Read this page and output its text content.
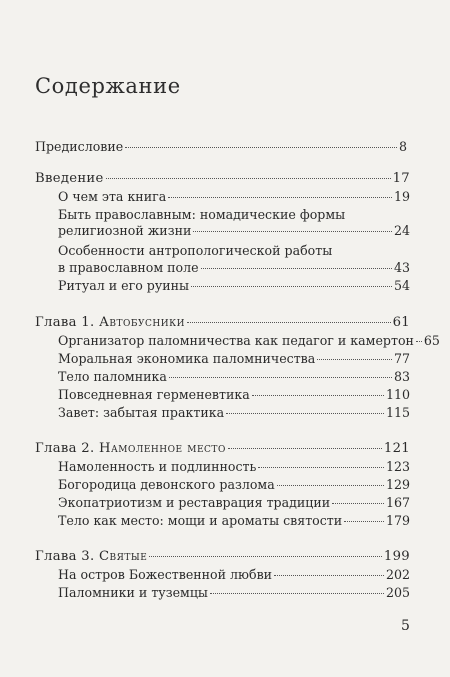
Содержание
Предисловие	8
Введение	17
О чем эта книга	19
Быть православным: номадические формы
религиозной жизни	24
Особенности антропологической работы
в православном поле	43
Ритуал и его руины	54
Глава 1. Автобусники	61
Организатор паломничества как педагог и камертон 65
Моральная экономика паломничества	77
Тело паломника	83
Повседневная герменевтика	110
Завет: забытая практика	115
Глава 2. Намоленное место	121
Намоленность и подлинность	123
Богородица девонского разлома	129
Экопатриотизм и реставрация традиции	167
Тело как место: мощи и ароматы святости	179
Глава 3. Святые	199
На остров Божественной любви	202
Паломники и туземцы	205
5
